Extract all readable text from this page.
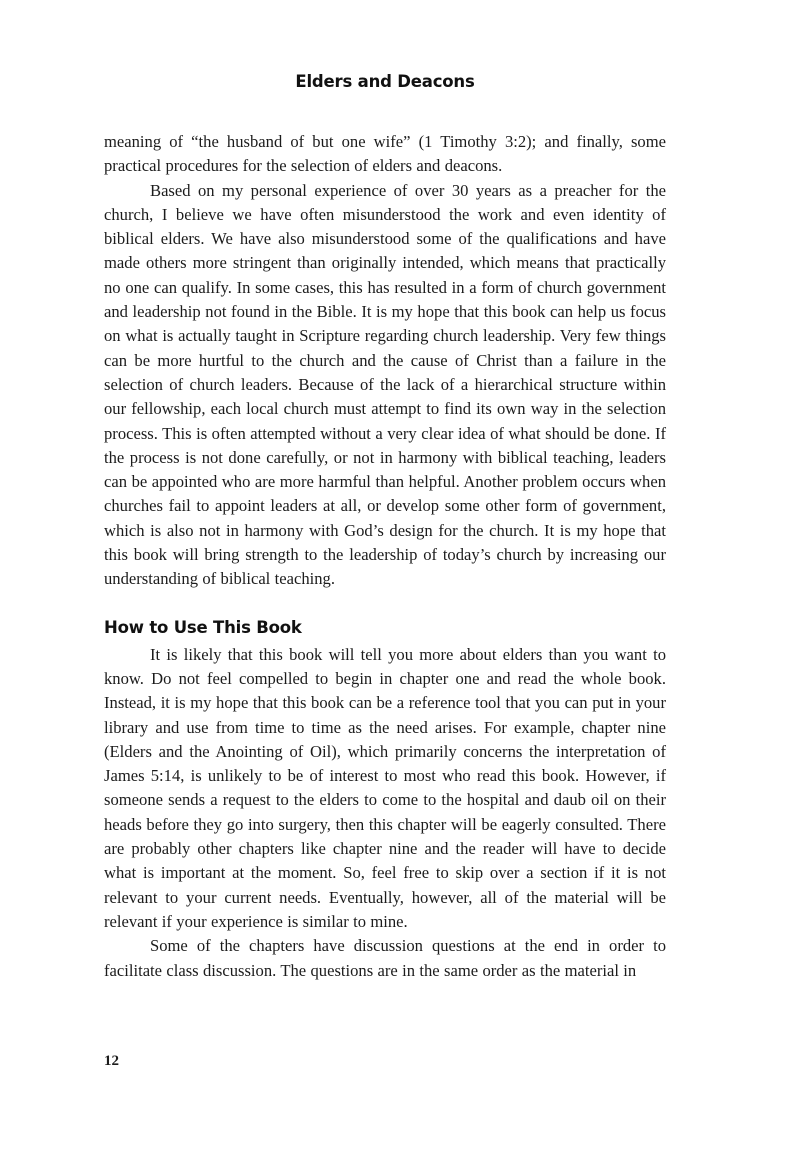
Elders and Deacons

meaning of “the husband of but one wife” (1 Timothy 3:2); and finally, some practical procedures for the selection of elders and deacons.

Based on my personal experience of over 30 years as a preacher for the church, I believe we have often misunderstood the work and even identity of biblical elders. We have also misunderstood some of the qualifications and have made others more stringent than originally intended, which means that practically no one can qualify. In some cases, this has resulted in a form of church government and leadership not found in the Bible. It is my hope that this book can help us focus on what is actually taught in Scripture regarding church leadership. Very few things can be more hurtful to the church and the cause of Christ than a failure in the selection of church leaders. Because of the lack of a hierarchical structure within our fellowship, each local church must attempt to find its own way in the selection process. This is often attempted without a very clear idea of what should be done. If the process is not done carefully, or not in harmony with biblical teaching, leaders can be appointed who are more harmful than helpful. Another problem occurs when churches fail to appoint leaders at all, or develop some other form of government, which is also not in harmony with God’s design for the church. It is my hope that this book will bring strength to the leadership of today’s church by increasing our understanding of biblical teaching.

How to Use This Book

It is likely that this book will tell you more about elders than you want to know. Do not feel compelled to begin in chapter one and read the whole book. Instead, it is my hope that this book can be a reference tool that you can put in your library and use from time to time as the need arises. For example, chapter nine (Elders and the Anointing of Oil), which primarily concerns the interpretation of James 5:14, is unlikely to be of interest to most who read this book. However, if someone sends a request to the elders to come to the hospital and daub oil on their heads before they go into surgery, then this chapter will be eagerly consulted. There are probably other chapters like chapter nine and the reader will have to decide what is important at the moment. So, feel free to skip over a section if it is not relevant to your current needs. Eventually, however, all of the material will be relevant if your experience is similar to mine.

Some of the chapters have discussion questions at the end in order to facilitate class discussion. The questions are in the same order as the material in

12
